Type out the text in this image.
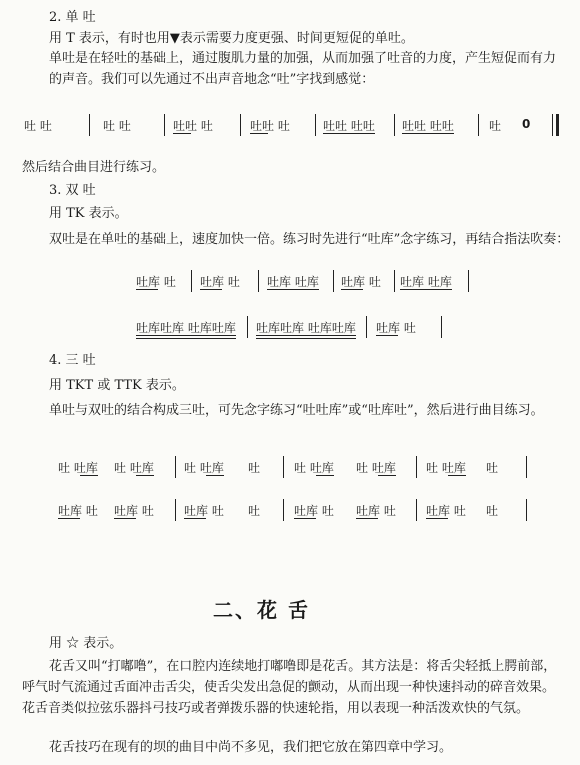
2. 单 吐
用 T 表示，有时也用▼表示需要力度更强、时间更短促的单吐。
单吐是在轻吐的基础上，通过腹肌力量的加强，从而加强了吐音的力度，产生短促而有力的声音。我们可以先通过不出声音地念“吐”字找到感觉：
吐 吐	吐 吐	吐吐 吐	吐吐 吐	吐吐 吐吐 吐吐 吐吐	吐 0
然后结合曲目进行练习。
3. 双 吐
用 TK 表示。
双吐是在单吐的基础上，速度加快一倍。练习时先进行“吐库”念字练习，再结合指法吹奏：
吐库 吐 吐库 吐 吐库 吐库 吐库 吐 吐库 吐库
吐库吐库 吐库吐库 吐库吐库 吐库吐库 吐库 吐
4. 三 吐
用 TKT 或 TTK 表示。
单吐与双吐的结合构成三吐，可先念字练习“吐吐库”或“吐库吐”，然后进行曲目练习。
吐 吐库 吐 吐库	吐 吐库 吐	吐 吐库 吐 吐库	吐 吐库 吐
吐库 吐 吐库 吐	吐库 吐 吐	吐库 吐 吐库 吐	吐库 吐 吐
二、花 舌
用 ☆ 表示。
花舌又叫“打嘟噜”，在口腔内连续地打嘟噜即是花舌。其方法是：将舌尖轻抵上腭前部，呼气时气流通过舌面冲击舌尖，使舌尖发出急促的颤动，从而出现一种快速抖动的碎音效果。花舌音类似拉弦乐器抖弓技巧或者弹拨乐器的快速轮指，用以表现一种活泼欢快的气氛。
花舌技巧在现有的坝的曲目中尚不多见，我们把它放在第四章中学习。
